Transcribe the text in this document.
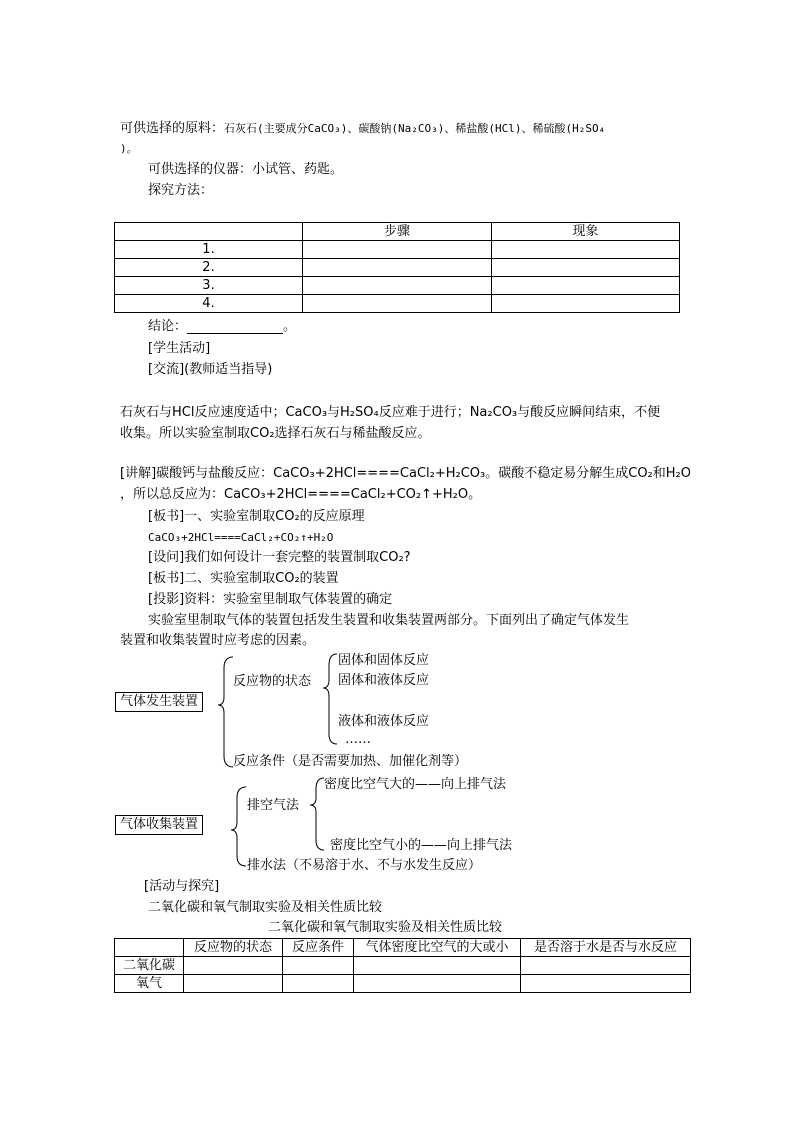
可供选择的原料：石灰石(主要成分CaCO₃)、碳酸钠(Na₂CO₃)、稀盐酸(HCl)、稀硫酸(H₂SO₄
)。
可供选择的仪器：小试管、药匙。
探究方法：
	步骤	现象
1.		
2.		
3.		
4.		
结论：	。
[学生活动]
[交流](教师适当指导)
石灰石与HCl反应速度适中；CaCO₃与H₂SO₄反应难于进行；Na₂CO₃与酸反应瞬间结束，不便
收集。所以实验室制取CO₂选择石灰石与稀盐酸反应。
[讲解]碳酸钙与盐酸反应：CaCO₃+2HCl====CaCl₂+H₂CO₃。碳酸不稳定易分解生成CO₂和H₂O
，所以总反应为：CaCO₃+2HCl====CaCl₂+CO₂↑+H₂O。
[板书]一、实验室制取CO₂的反应原理
CaCO₃+2HCl====CaCl₂+CO₂↑+H₂O
[设问]我们如何设计一套完整的装置制取CO₂?
[板书]二、实验室制取CO₂的装置
[投影]资料：实验室里制取气体装置的确定
实验室里制取气体的装置包括发生装置和收集装置两部分。下面列出了确定气体发生
装置和收集装置时应考虑的因素。
气体发生装置
反应物的状态
固体和固体反应
固体和液体反应
液体和液体反应
……
反应条件（是否需要加热、加催化剂等）
气体收集装置
排空气法
密度比空气大的——向上排气法
密度比空气小的——向上排气法
排水法（不易溶于水、不与水发生反应）
[活动与探究]
二氧化碳和氧气制取实验及相关性质比较
二氧化碳和氧气制取实验及相关性质比较
	反应物的状态	反应条件	气体密度比空气的大或小	是否溶于水是否与水反应
二氧化碳				
氧气				
